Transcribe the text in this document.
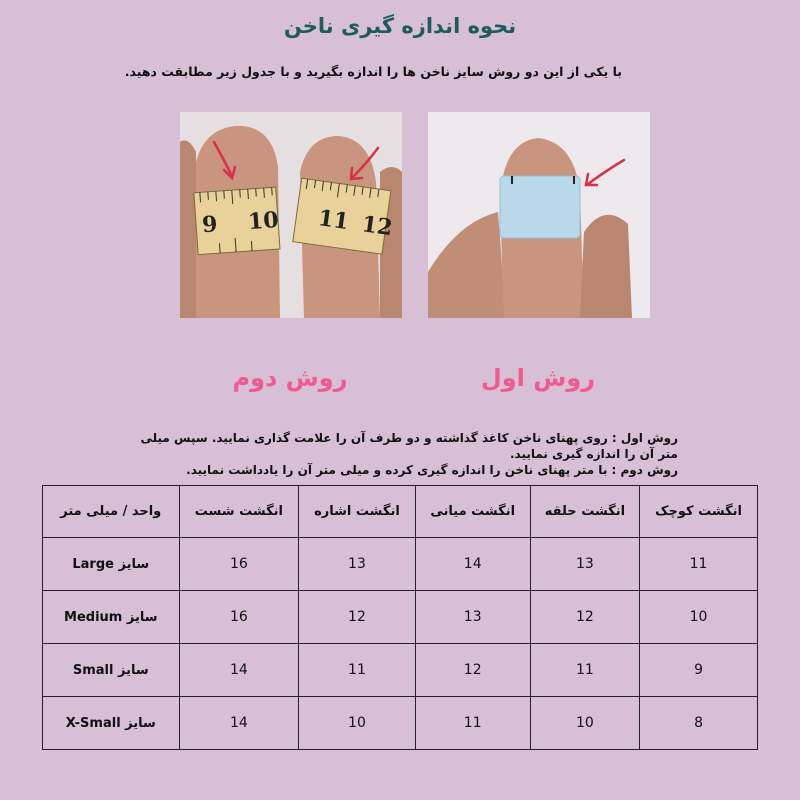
نحوه اندازه گیری ناخن
با یکی از این دو روش سایز ناخن ها را اندازه بگیرید و با جدول زیر مطابقت دهید.
9 10 11 12
روش دوم	روش اول

روش اول : روی پهنای ناخن کاغذ گذاشته و دو طرف آن را علامت گذاری نمایید. سپس میلی متر آن را اندازه گیری نمایید.

روش دوم : با متر پهنای ناخن را اندازه گیری کرده و میلی متر آن را یادداشت نمایید.

انگشت کوچک	انگشت حلقه	انگشت میانی	انگشت اشاره	انگشت شست	واحد / میلی متر
11	13	14	13	16	سایز Large
10	12	13	12	16	سایز Medium
9	11	12	11	14	سایز Small
8	10	11	10	14	سایز X-Small
